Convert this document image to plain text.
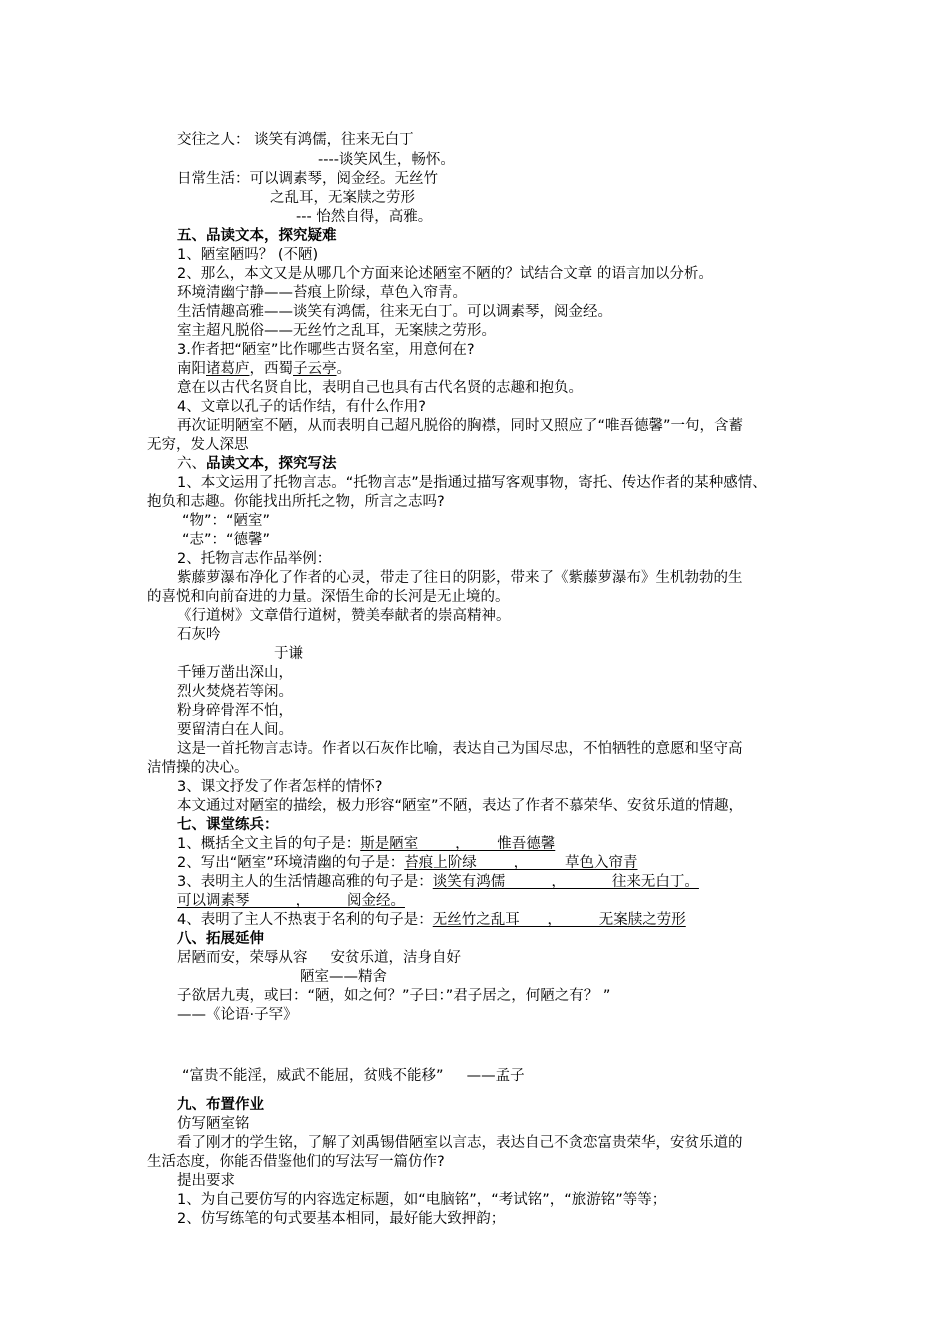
交往之人： 谈笑有鸿儒，往来无白丁
----谈笑风生，畅怀。
日常生活：可以调素琴，阅金经。无丝竹
之乱耳，无案牍之劳形
--- 怡然自得，高雅。
五、品读文本，探究疑难
1、陋室陋吗？ (不陋)
2、那么，本文又是从哪几个方面来论述陋室不陋的？试结合文章 的语言加以分析。
环境清幽宁静——苔痕上阶绿，草色入帘青。
生活情趣高雅——谈笑有鸿儒，往来无白丁。可以调素琴，阅金经。
室主超凡脱俗——无丝竹之乱耳，无案牍之劳形。
3.作者把“陋室”比作哪些古贤名室，用意何在?
南阳诸葛庐，西蜀子云亭。
意在以古代名贤自比，表明自己也具有古代名贤的志趣和抱负。
4、文章以孔子的话作结，有什么作用?
再次证明陋室不陋，从而表明自己超凡脱俗的胸襟，同时又照应了“唯吾德馨”一句，含蓄
无穷，发人深思
六、品读文本，探究写法
1、本文运用了托物言志。“托物言志”是指通过描写客观事物，寄托、传达作者的某种感情、
抱负和志趣。你能找出所托之物，所言之志吗?
“物”：“陋室”
“志”：“德馨”
2、托物言志作品举例：
紫藤萝瀑布净化了作者的心灵，带走了往日的阴影，带来了《紫藤萝瀑布》生机勃勃的生
的喜悦和向前奋进的力量。深悟生命的长河是无止境的。
《行道树》文章借行道树，赞美奉献者的崇高精神。
石灰吟
于谦
千锤万凿出深山，
烈火焚烧若等闲。
粉身碎骨浑不怕，
要留清白在人间。
这是一首托物言志诗。作者以石灰作比喻，表达自己为国尽忠，不怕牺牲的意愿和坚守高
洁情操的决心。
3、课文抒发了作者怎样的情怀?
本文通过对陋室的描绘，极力形容“陋室”不陋，表达了作者不慕荣华、安贫乐道的情趣，
七、课堂练兵：
1、概括全文主旨的句子是：斯是陋室        ，      惟吾德馨
2、写出“陋室”环境清幽的句子是：苔痕上阶绿        ，        草色入帘青
3、表明主人的生活情趣高雅的句子是：谈笑有鸿儒          ，          往来无白丁。
可以调素琴          ，        阅金经。
4、表明了主人不热衷于名利的句子是：无丝竹之乱耳      ，        无案牍之劳形
八、拓展延伸
居陋而安，荣辱从容     安贫乐道，洁身自好
陋室——精舍
子欲居九夷，或曰：“陋，如之何？”子曰：”君子居之，何陋之有？ ”
——《论语·子罕》
“富贵不能淫，威武不能屈，贫贱不能移”     ——孟子
九、布置作业
仿写陋室铭
看了刚才的学生铭，了解了刘禹锡借陋室以言志，表达自己不贪恋富贵荣华，安贫乐道的
生活态度，你能否借鉴他们的写法写一篇仿作?
提出要求
1、为自己要仿写的内容选定标题，如“电脑铭”，“考试铭”，“旅游铭”等等；
2、仿写练笔的句式要基本相同，最好能大致押韵；
